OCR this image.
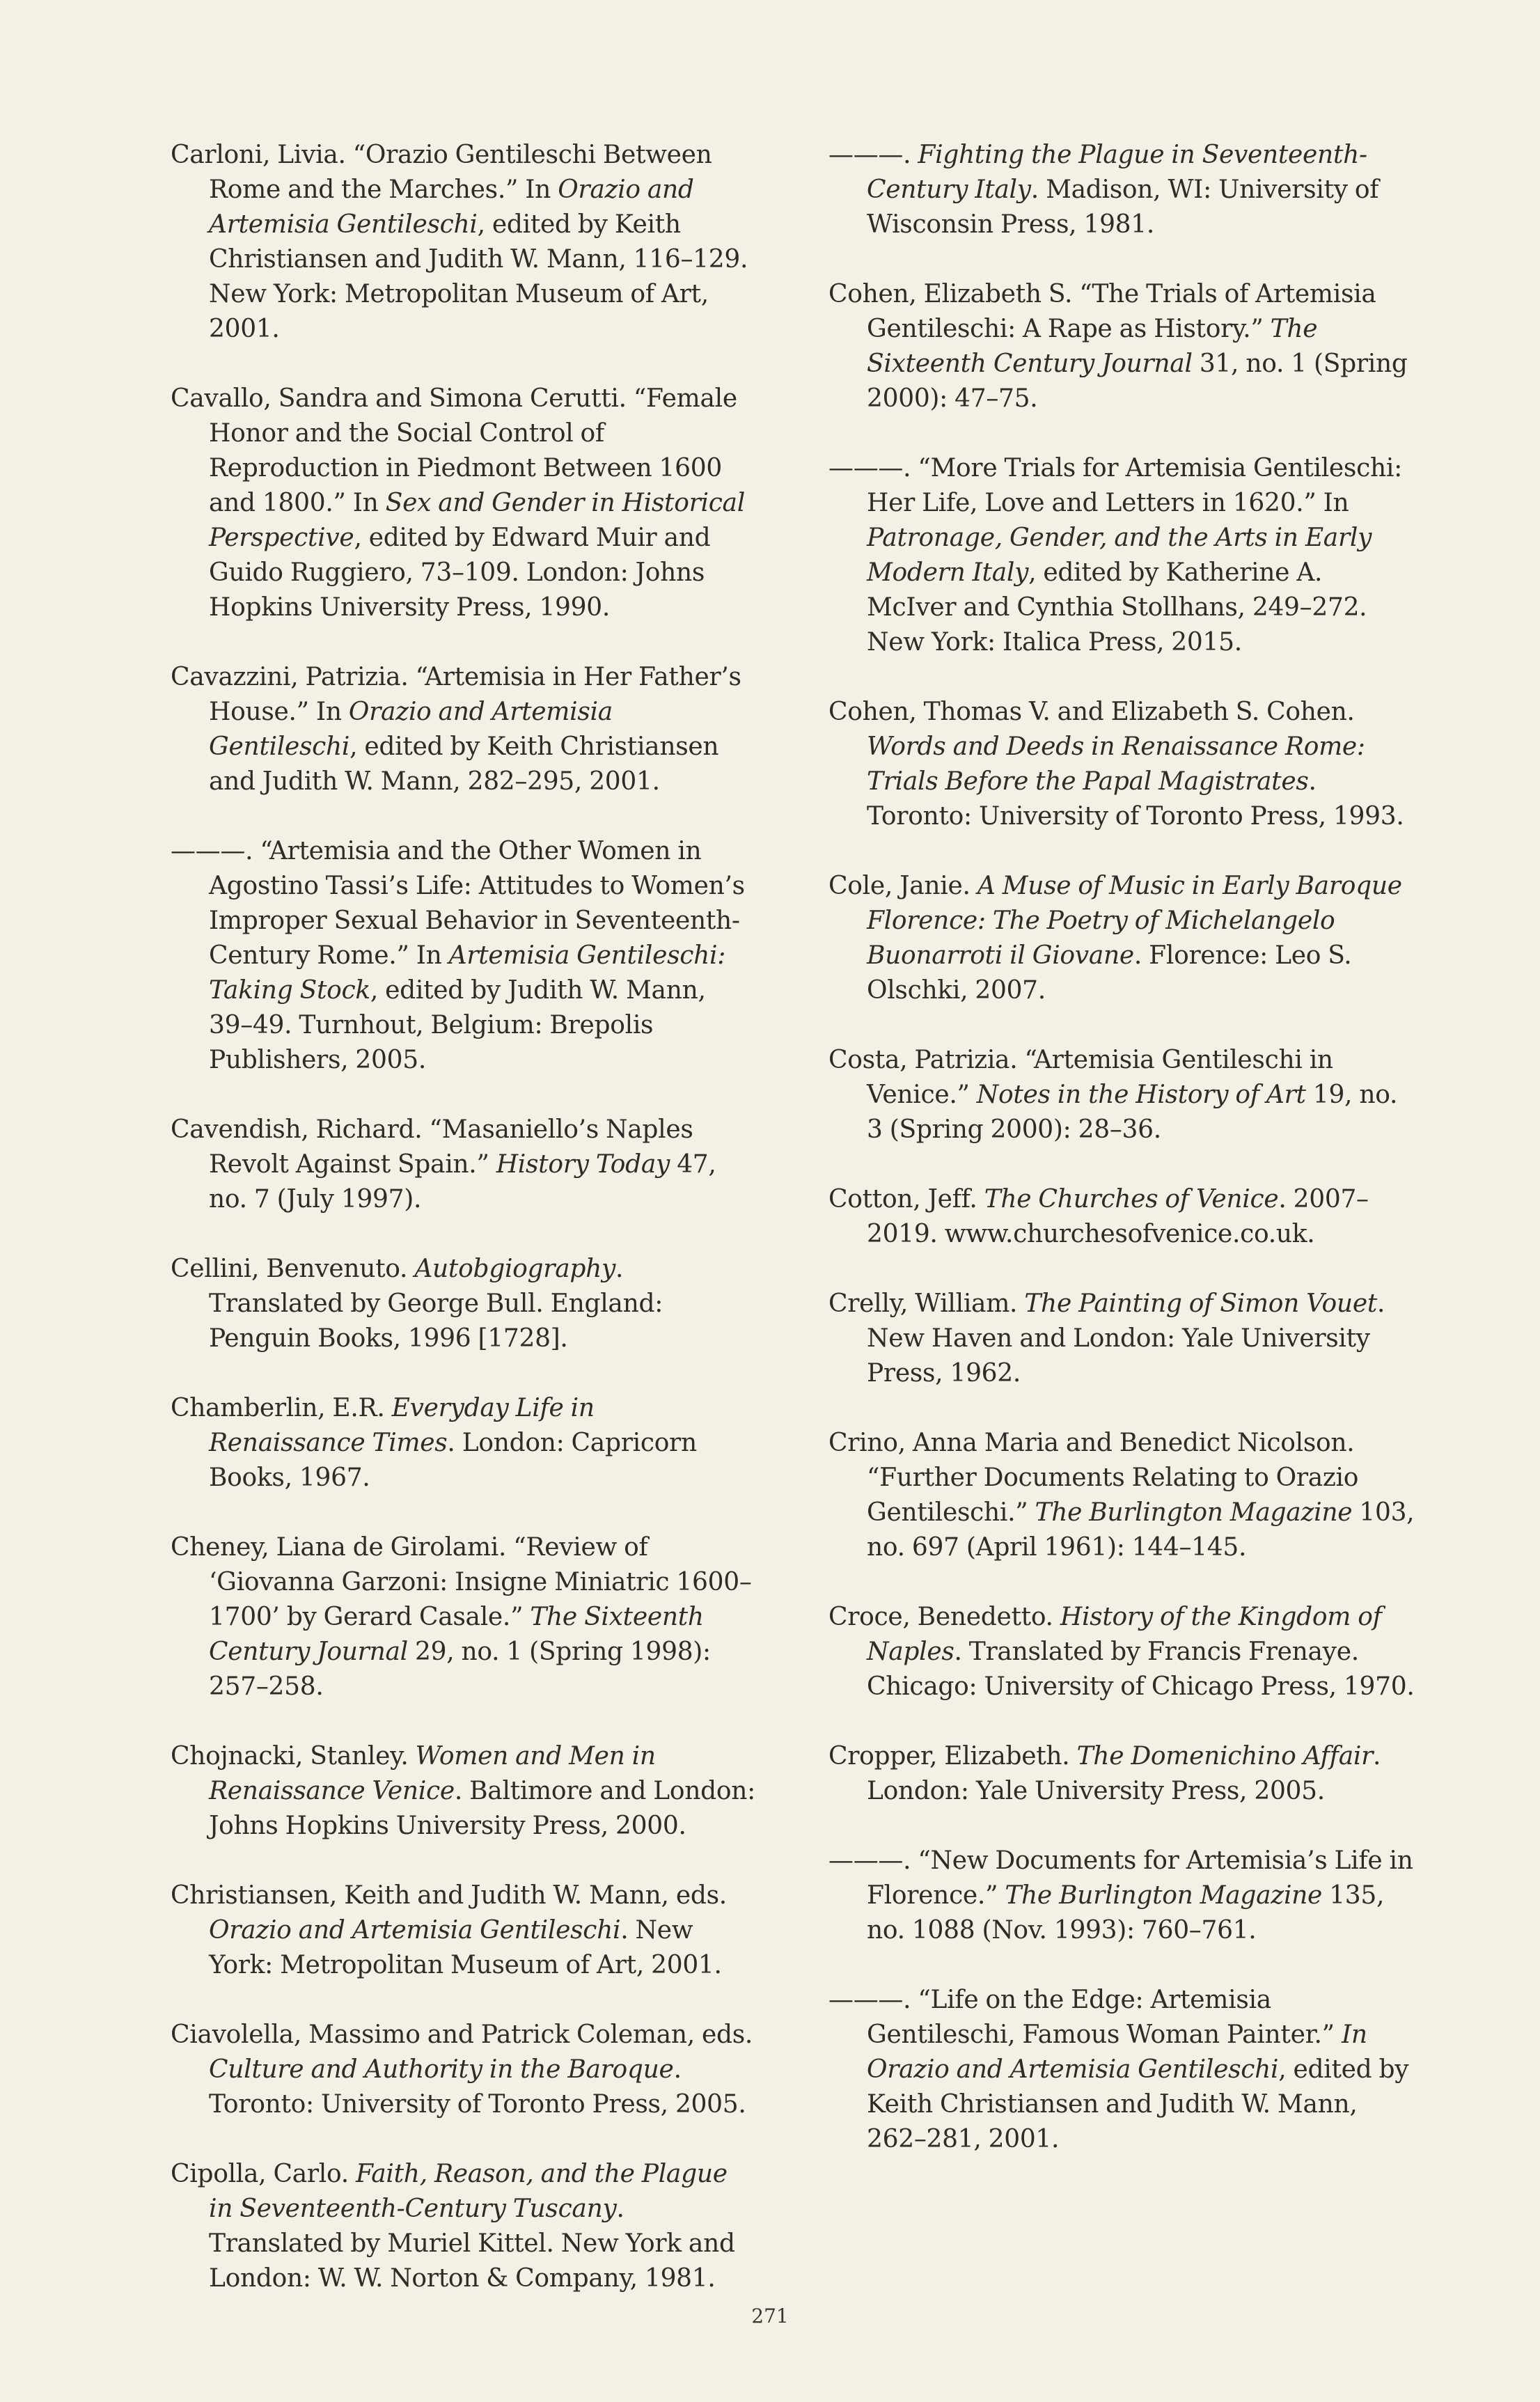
Carloni, Livia. “Orazio Gentileschi Between Rome and the Marches.” In Orazio and Artemisia Gentileschi, edited by Keith Christiansen and Judith W. Mann, 116–129. New York: Metropolitan Museum of Art, 2001.

Cavallo, Sandra and Simona Cerutti. “Female Honor and the Social Control of Reproduction in Piedmont Between 1600 and 1800.” In Sex and Gender in Historical Perspective, edited by Edward Muir and Guido Ruggiero, 73–109. London: Johns Hopkins University Press, 1990.

Cavazzini, Patrizia. “Artemisia in Her Father’s House.” In Orazio and Artemisia Gentileschi, edited by Keith Christiansen and Judith W. Mann, 282–295, 2001.

———. “Artemisia and the Other Women in Agostino Tassi’s Life: Attitudes to Women’s Improper Sexual Behavior in Seventeenth-Century Rome.” In Artemisia Gentileschi: Taking Stock, edited by Judith W. Mann, 39–49. Turnhout, Belgium: Brepolis Publishers, 2005.

Cavendish, Richard. “Masaniello’s Naples Revolt Against Spain.” History Today 47, no. 7 (July 1997).

Cellini, Benvenuto. Autobgiography. Translated by George Bull. England: Penguin Books, 1996 [1728].

Chamberlin, E.R. Everyday Life in Renaissance Times. London: Capricorn Books, 1967.

Cheney, Liana de Girolami. “Review of ‘Giovanna Garzoni: Insigne Miniatric 1600–1700’ by Gerard Casale.” The Sixteenth Century Journal 29, no. 1 (Spring 1998): 257–258.

Chojnacki, Stanley. Women and Men in Renaissance Venice. Baltimore and London: Johns Hopkins University Press, 2000.

Christiansen, Keith and Judith W. Mann, eds. Orazio and Artemisia Gentileschi. New York: Metropolitan Museum of Art, 2001.

Ciavolella, Massimo and Patrick Coleman, eds. Culture and Authority in the Baroque. Toronto: University of Toronto Press, 2005.

Cipolla, Carlo. Faith, Reason, and the Plague in Seventeenth-Century Tuscany. Translated by Muriel Kittel. New York and London: W. W. Norton & Company, 1981.

———. Fighting the Plague in Seventeenth-Century Italy. Madison, WI: University of Wisconsin Press, 1981.

Cohen, Elizabeth S. “The Trials of Artemisia Gentileschi: A Rape as History.” The Sixteenth Century Journal 31, no. 1 (Spring 2000): 47–75.

———. “More Trials for Artemisia Gentileschi: Her Life, Love and Letters in 1620.” In Patronage, Gender, and the Arts in Early Modern Italy, edited by Katherine A. McIver and Cynthia Stollhans, 249–272. New York: Italica Press, 2015.

Cohen, Thomas V. and Elizabeth S. Cohen. Words and Deeds in Renaissance Rome: Trials Before the Papal Magistrates. Toronto: University of Toronto Press, 1993.

Cole, Janie. A Muse of Music in Early Baroque Florence: The Poetry of Michelangelo Buonarroti il Giovane. Florence: Leo S. Olschki, 2007.

Costa, Patrizia. “Artemisia Gentileschi in Venice.” Notes in the History of Art 19, no. 3 (Spring 2000): 28–36.

Cotton, Jeff. The Churches of Venice. 2007–2019. www.churchesofvenice.co.uk.

Crelly, William. The Painting of Simon Vouet. New Haven and London: Yale University Press, 1962.

Crino, Anna Maria and Benedict Nicolson. “Further Documents Relating to Orazio Gentileschi.” The Burlington Magazine 103, no. 697 (April 1961): 144–145.

Croce, Benedetto. History of the Kingdom of Naples. Translated by Francis Frenaye. Chicago: University of Chicago Press, 1970.

Cropper, Elizabeth. The Domenichino Affair. London: Yale University Press, 2005.

———. “New Documents for Artemisia’s Life in Florence.” The Burlington Magazine 135, no. 1088 (Nov. 1993): 760–761.

———. “Life on the Edge: Artemisia Gentileschi, Famous Woman Painter.” In Orazio and Artemisia Gentileschi, edited by Keith Christiansen and Judith W. Mann, 262–281, 2001.

271
